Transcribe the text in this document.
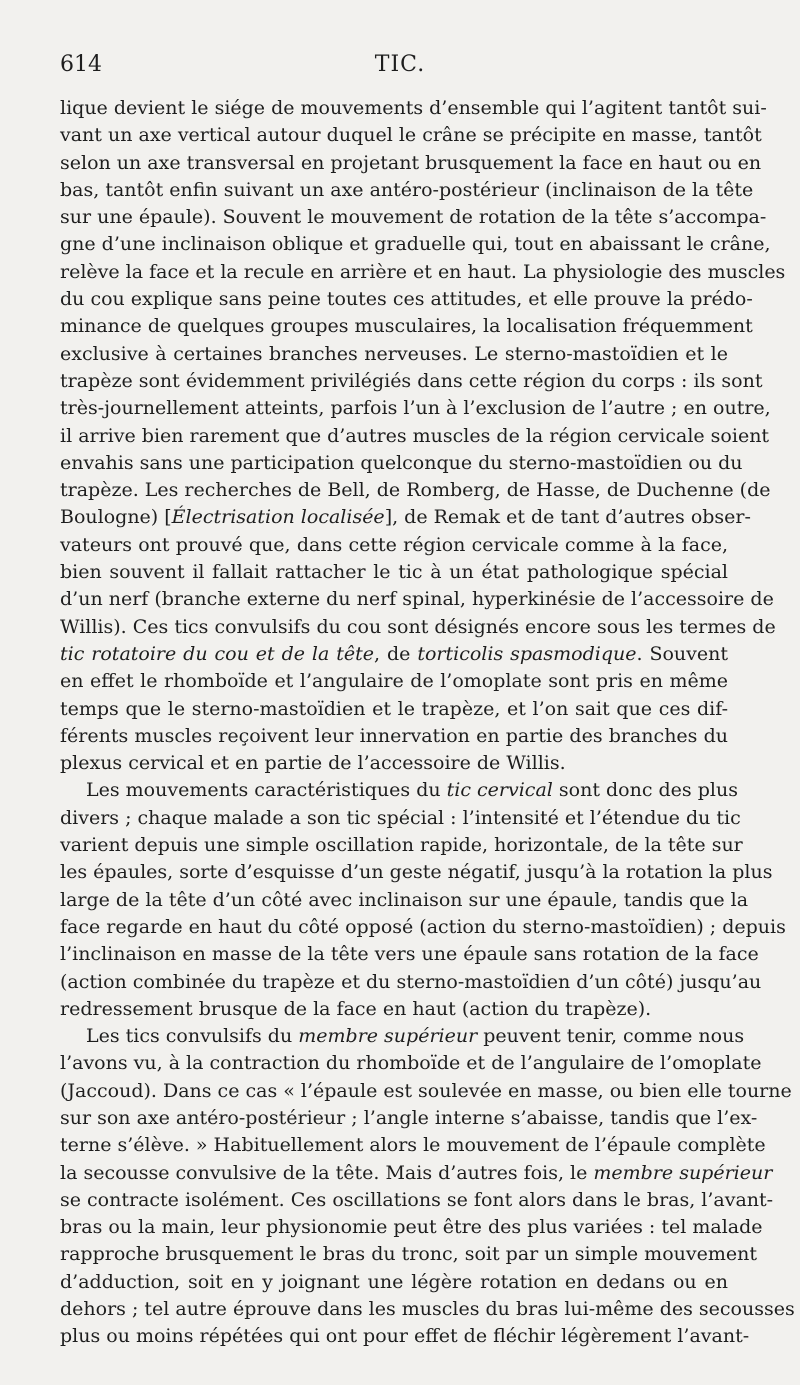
614	TIC.
lique devient le siége de mouvements d’ensemble qui l’agitent tantôt sui-
vant un axe vertical autour duquel le crâne se précipite en masse, tantôt
selon un axe transversal en projetant brusquement la face en haut ou en
bas, tantôt enfin suivant un axe antéro-postérieur (inclinaison de la tête
sur une épaule). Souvent le mouvement de rotation de la tête s’accompa-
gne d’une inclinaison oblique et graduelle qui, tout en abaissant le crâne,
relève la face et la recule en arrière et en haut. La physiologie des muscles
du cou explique sans peine toutes ces attitudes, et elle prouve la prédo-
minance de quelques groupes musculaires, la localisation fréquemment
exclusive à certaines branches nerveuses. Le sterno-mastoïdien et le
trapèze sont évidemment privilégiés dans cette région du corps : ils sont
très-journellement atteints, parfois l’un à l’exclusion de l’autre ; en outre,
il arrive bien rarement que d’autres muscles de la région cervicale soient
envahis sans une participation quelconque du sterno-mastoïdien ou du
trapèze. Les recherches de Bell, de Romberg, de Hasse, de Duchenne (de
Boulogne) [Électrisation localisée], de Remak et de tant d’autres obser-
vateurs ont prouvé que, dans cette région cervicale comme à la face,
bien souvent il fallait rattacher le tic à un état pathologique spécial
d’un nerf (branche externe du nerf spinal, hyperkinésie de l’accessoire de
Willis). Ces tics convulsifs du cou sont désignés encore sous les termes de
tic rotatoire du cou et de la tête, de torticolis spasmodique. Souvent
en effet le rhomboïde et l’angulaire de l’omoplate sont pris en même
temps que le sterno-mastoïdien et le trapèze, et l’on sait que ces dif-
férents muscles reçoivent leur innervation en partie des branches du
plexus cervical et en partie de l’accessoire de Willis.
Les mouvements caractéristiques du tic cervical sont donc des plus
divers ; chaque malade a son tic spécial : l’intensité et l’étendue du tic
varient depuis une simple oscillation rapide, horizontale, de la tête sur
les épaules, sorte d’esquisse d’un geste négatif, jusqu’à la rotation la plus
large de la tête d’un côté avec inclinaison sur une épaule, tandis que la
face regarde en haut du côté opposé (action du sterno-mastoïdien) ; depuis
l’inclinaison en masse de la tête vers une épaule sans rotation de la face
(action combinée du trapèze et du sterno-mastoïdien d’un côté) jusqu’au
redressement brusque de la face en haut (action du trapèze).
Les tics convulsifs du membre supérieur peuvent tenir, comme nous
l’avons vu, à la contraction du rhomboïde et de l’angulaire de l’omoplate
(Jaccoud). Dans ce cas « l’épaule est soulevée en masse, ou bien elle tourne
sur son axe antéro-postérieur ; l’angle interne s’abaisse, tandis que l’ex-
terne s’élève. » Habituellement alors le mouvement de l’épaule complète
la secousse convulsive de la tête. Mais d’autres fois, le membre supérieur
se contracte isolément. Ces oscillations se font alors dans le bras, l’avant-
bras ou la main, leur physionomie peut être des plus variées : tel malade
rapproche brusquement le bras du tronc, soit par un simple mouvement
d’adduction, soit en y joignant une légère rotation en dedans ou en
dehors ; tel autre éprouve dans les muscles du bras lui-même des secousses
plus ou moins répétées qui ont pour effet de fléchir légèrement l’avant-
